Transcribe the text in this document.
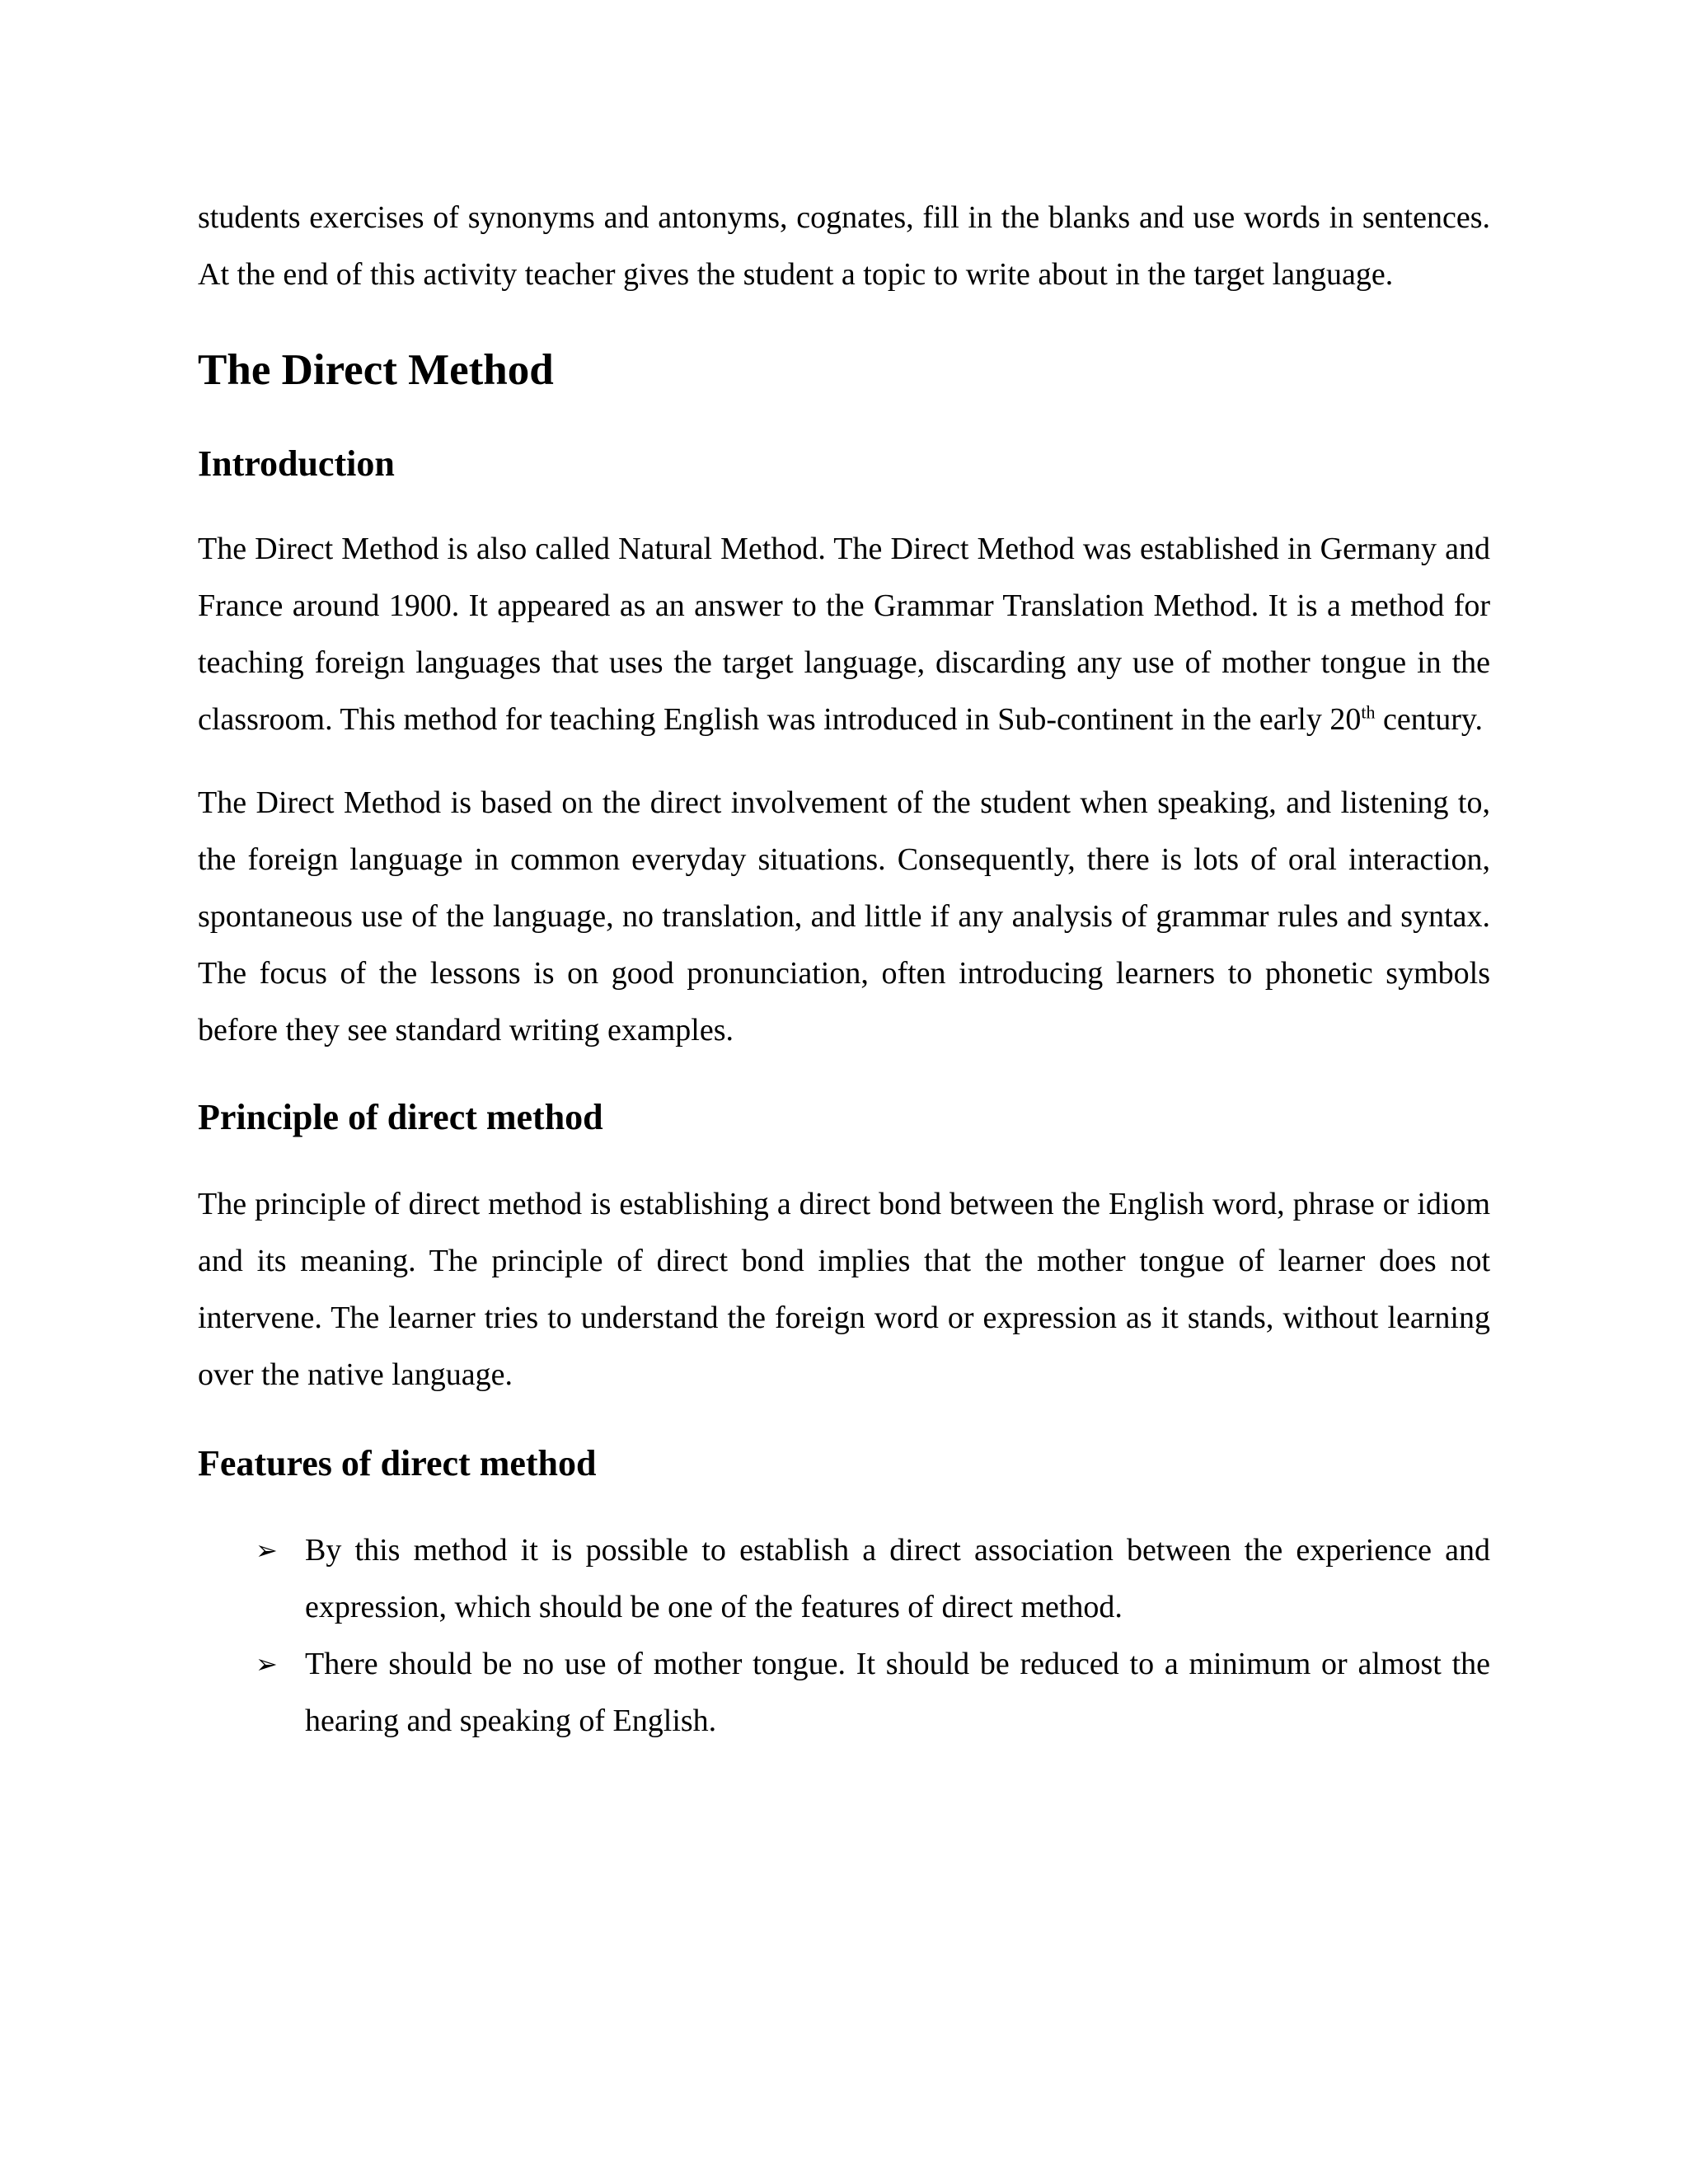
students exercises of synonyms and antonyms, cognates, fill in the blanks and use words in sentences. At the end of this activity teacher gives the student a topic to write about in the target language.

The Direct Method
Introduction

The Direct Method is also called Natural Method. The Direct Method was established in Germany and France around 1900. It appeared as an answer to the Grammar Translation Method. It is a method for teaching foreign languages that uses the target language, discarding any use of mother tongue in the classroom. This method for teaching English was introduced in Sub-continent in the early 20th century.

The Direct Method is based on the direct involvement of the student when speaking, and listening to, the foreign language in common everyday situations. Consequently, there is lots of oral interaction, spontaneous use of the language, no translation, and little if any analysis of grammar rules and syntax. The focus of the lessons is on good pronunciation, often introducing learners to phonetic symbols before they see standard writing examples.

Principle of direct method

The principle of direct method is establishing a direct bond between the English word, phrase or idiom and its meaning. The principle of direct bond implies that the mother tongue of learner does not intervene. The learner tries to understand the foreign word or expression as it stands, without learning over the native language.

Features of direct method
➢ By this method it is possible to establish a direct association between the experience and expression, which should be one of the features of direct method.
➢ There should be no use of mother tongue. It should be reduced to a minimum or almost the hearing and speaking of English.
